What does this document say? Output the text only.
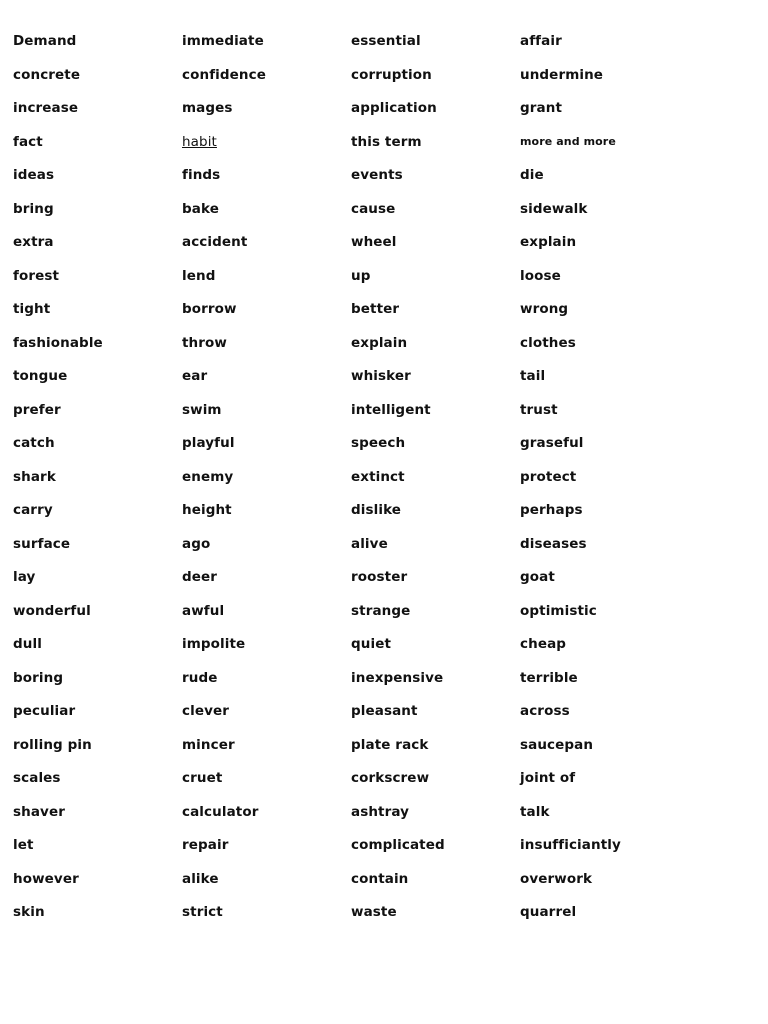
Demand	immediate	essential	affair
concrete	confidence	corruption	undermine
increase	mages	application	grant
fact	habit	this term	more and more
ideas	finds	events	die
bring	bake	cause	sidewalk
extra	accident	wheel	explain
forest	lend	up	loose
tight	borrow	better	wrong
fashionable	throw	explain	clothes
tongue	ear	whisker	tail
prefer	swim	intelligent	trust
catch	playful	speech	graseful
shark	enemy	extinct	protect
carry	height	dislike	perhaps
surface	ago	alive	diseases
lay	deer	rooster	goat
wonderful	awful	strange	optimistic
dull	impolite	quiet	cheap
boring	rude	inexpensive	terrible
peculiar	clever	pleasant	across
rolling pin	mincer	plate rack	saucepan
scales	cruet	corkscrew	joint of
shaver	calculator	ashtray	talk
let	repair	complicated	insufficiantly
however	alike	contain	overwork
skin	strict	waste	quarrel
